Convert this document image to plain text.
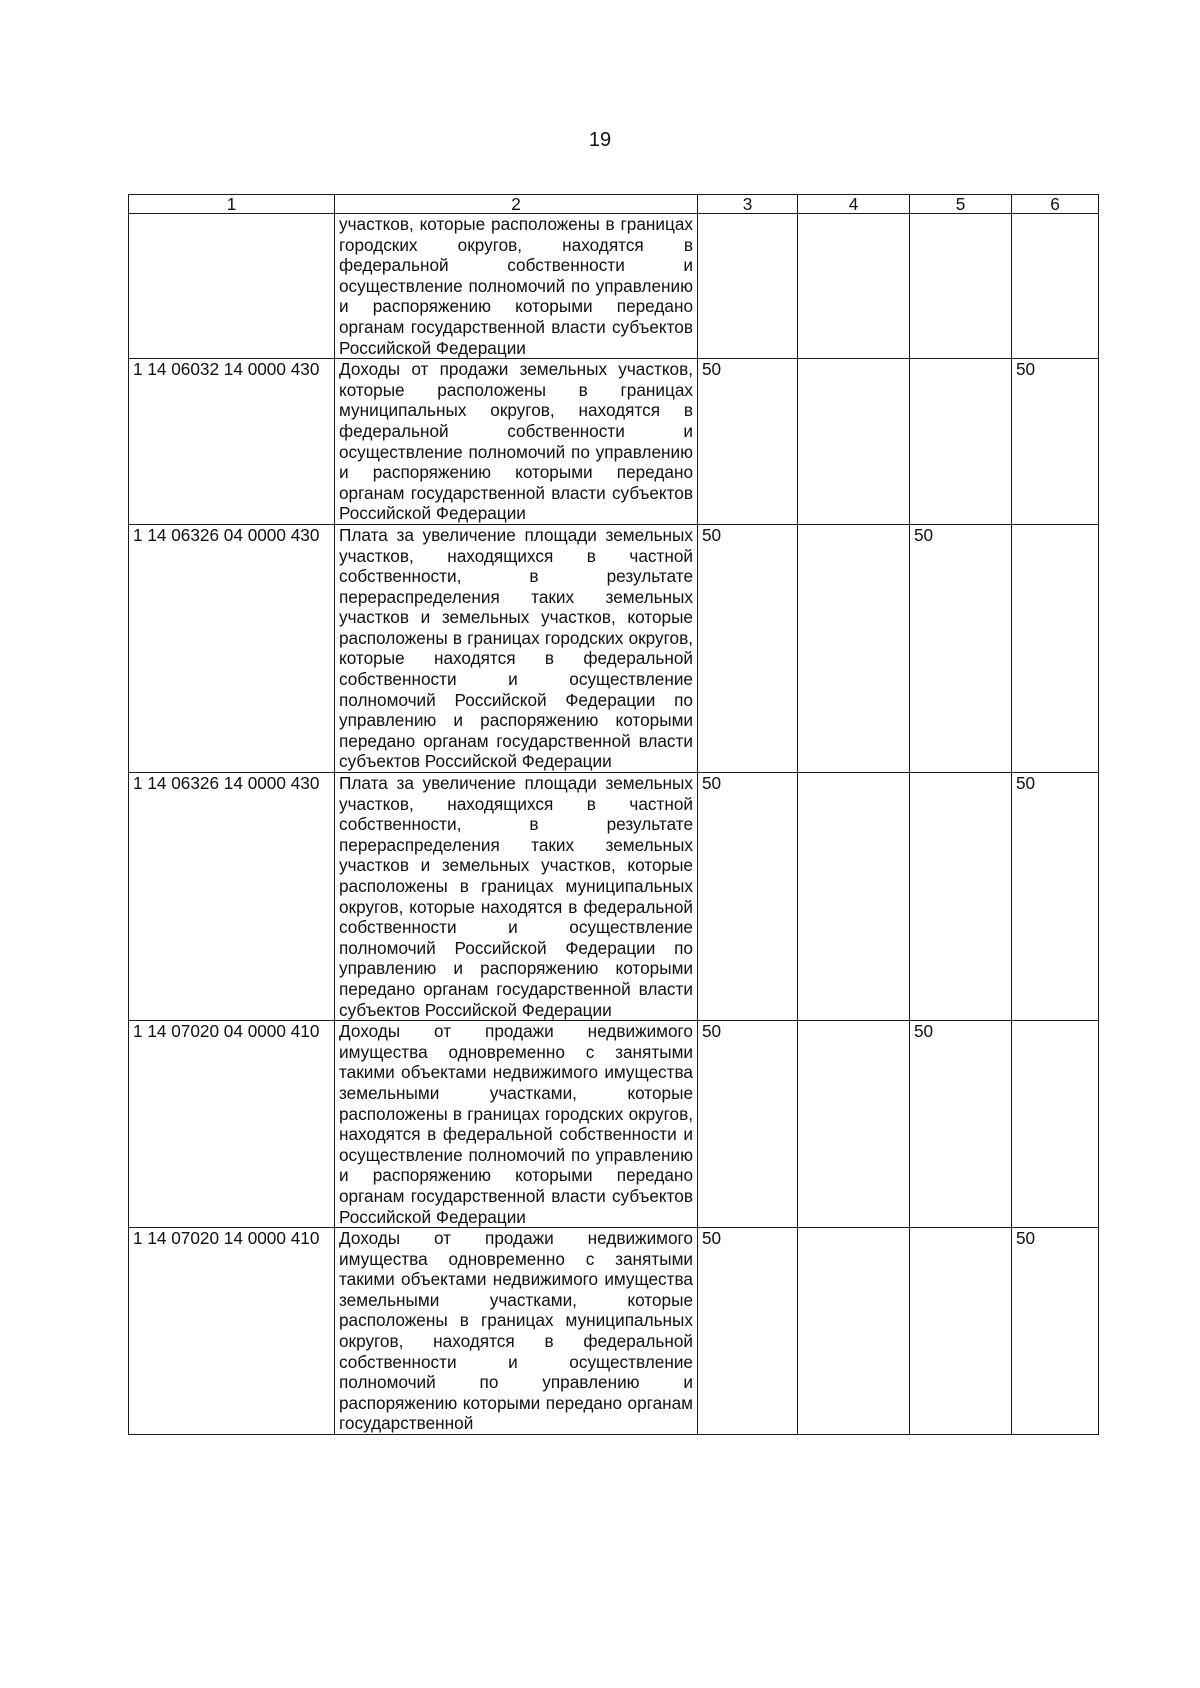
19
1	2	3	4	5	6
	участков, которые расположены в границах городских округов, находятся в федеральной собственности и осуществление полномочий по управлению и распоряжению которыми передано органам государственной власти субъектов Российской Федерации				
1 14 06032 14 0000 430	Доходы от продажи земельных участков, которые расположены в границах муниципальных округов, находятся в федеральной собственности и осуществление полномочий по управлению и распоряжению которыми передано органам государственной власти субъектов Российской Федерации	50			50
1 14 06326 04 0000 430	Плата за увеличение площади земельных участков, находящихся в частной собственности, в результате перераспределения таких земельных участков и земельных участков, которые расположены в границах городских округов, которые находятся в федеральной собственности и осуществление полномочий Российской Федерации по управлению и распоряжению которыми передано органам государственной власти субъектов Российской Федерации	50		50	
1 14 06326 14 0000 430	Плата за увеличение площади земельных участков, находящихся в частной собственности, в результате перераспределения таких земельных участков и земельных участков, которые расположены в границах муниципальных округов, которые находятся в федеральной собственности и осуществление полномочий Российской Федерации по управлению и распоряжению которыми передано органам государственной власти субъектов Российской Федерации	50			50
1 14 07020 04 0000 410	Доходы от продажи недвижимого имущества одновременно с занятыми такими объектами недвижимого имущества земельными участками, которые расположены в границах городских округов, находятся в федеральной собственности и осуществление полномочий по управлению и распоряжению которыми передано органам государственной власти субъектов Российской Федерации	50		50	
1 14 07020 14 0000 410	Доходы от продажи недвижимого имущества одновременно с занятыми такими объектами недвижимого имущества земельными участками, которые расположены в границах муниципальных округов, находятся в федеральной собственности и осуществление полномочий по управлению и распоряжению которыми передано органам государственной	50			50
